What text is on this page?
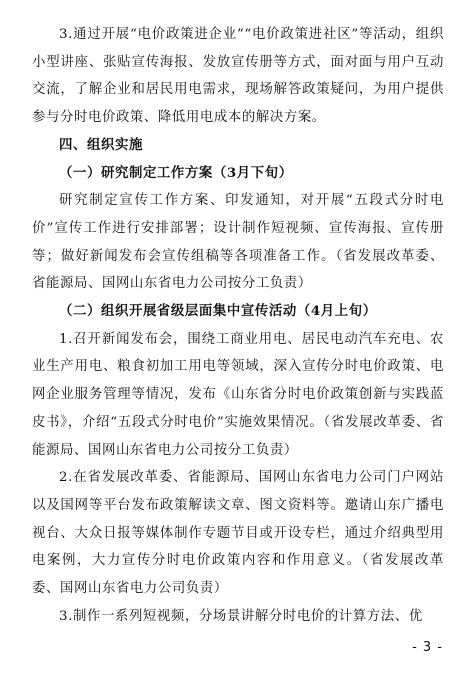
3.通过开展“电价政策进企业”“电价政策进社区”等活动，组织小型讲座、张贴宣传海报、发放宣传册等方式，面对面与用户互动交流，了解企业和居民用电需求，现场解答政策疑问，为用户提供参与分时电价政策、降低用电成本的解决方案。

四、组织实施

（一）研究制定工作方案（3月下旬）

研究制定宣传工作方案、印发通知，对开展“五段式分时电价”宣传工作进行安排部署；设计制作短视频、宣传海报、宣传册等；做好新闻发布会宣传组稿等各项准备工作。（省发展改革委、省能源局、国网山东省电力公司按分工负责）

（二）组织开展省级层面集中宣传活动（4月上旬）

1.召开新闻发布会，围绕工商业用电、居民电动汽车充电、农业生产用电、粮食初加工用电等领域，深入宣传分时电价政策、电网企业服务管理等情况，发布《山东省分时电价政策创新与实践蓝皮书》，介绍“五段式分时电价”实施效果情况。（省发展改革委、省能源局、国网山东省电力公司按分工负责）

2.在省发展改革委、省能源局、国网山东省电力公司门户网站以及国网等平台发布政策解读文章、图文资料等。邀请山东广播电视台、大众日报等媒体制作专题节目或开设专栏，通过介绍典型用电案例，大力宣传分时电价政策内容和作用意义。（省发展改革委、国网山东省电力公司负责）

3.制作一系列短视频，分场景讲解分时电价的计算方法、优

- 3 -
